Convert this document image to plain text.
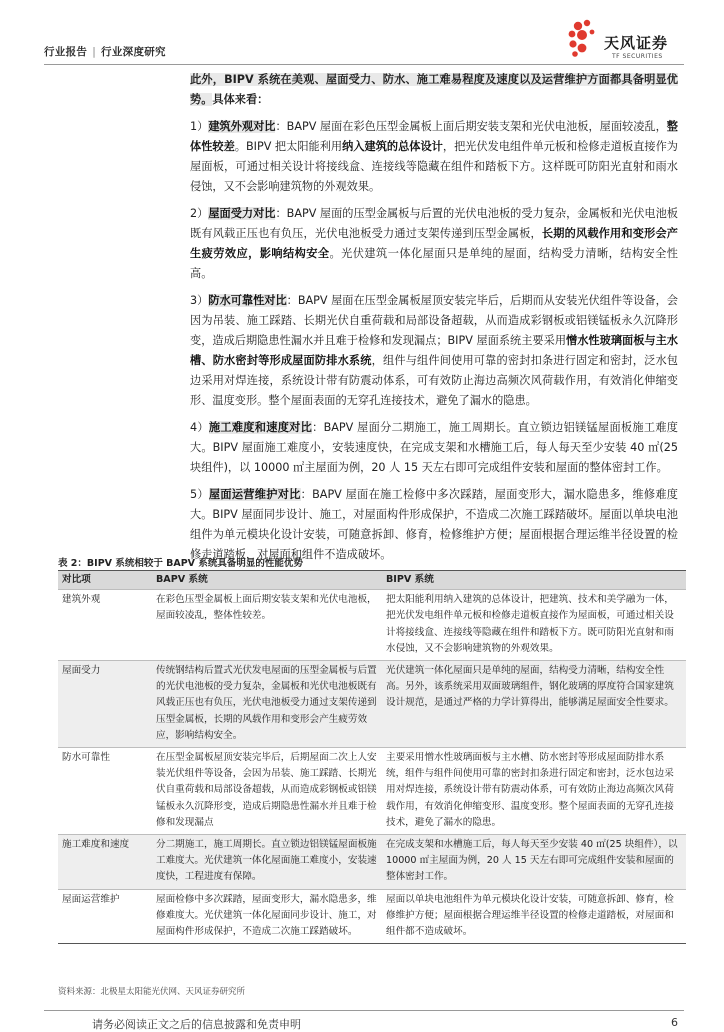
行业报告 | 行业深度研究	天风证券
TF SECURITIES

此外，BIPV 系统在美观、屋面受力、防水、施工难易程度及速度以及运营维护方面都具备明显优势。具体来看：

1）建筑外观对比：BAPV 屋面在彩色压型金属板上面后期安装支架和光伏电池板，屋面较凌乱，整体性较差。BIPV 把太阳能利用纳入建筑的总体设计，把光伏发电组件单元板和检修走道板直接作为屋面板，可通过相关设计将接线盒、连接线等隐藏在组件和踏板下方。这样既可防阳光直射和雨水侵蚀，又不会影响建筑物的外观效果。

2）屋面受力对比：BAPV 屋面的压型金属板与后置的光伏电池板的受力复杂，金属板和光伏电池板既有风载正压也有负压，光伏电池板受力通过支架传递到压型金属板，长期的风载作用和变形会产生疲劳效应，影响结构安全。光伏建筑一体化屋面只是单纯的屋面，结构受力清晰，结构安全性高。

3）防水可靠性对比：BAPV 屋面在压型金属板屋顶安装完毕后，后期而从安装光伏组件等设备，会因为吊装、施工踩踏、长期光伏自重荷载和局部设备超载，从而造成彩钢板或铝镁锰板永久沉降形变，造成后期隐患性漏水并且难于检修和发现漏点；BIPV 屋面系统主要采用憎水性玻璃面板与主水槽、防水密封等形成屋面防排水系统，组件与组件间使用可靠的密封扣条进行固定和密封，泛水包边采用对焊连接，系统设计带有防震动体系，可有效防止海边高频次风荷载作用，有效消化伸缩变形、温度变形。整个屋面表面的无穿孔连接技术，避免了漏水的隐患。

4）施工难度和速度对比：BAPV 屋面分二期施工，施工周期长。直立锁边铝镁锰屋面板施工难度大。BIPV 屋面施工难度小，安装速度快，在完成支架和水槽施工后，每人每天至少安装 40 ㎡(25 块组件)，以 10000 ㎡主屋面为例，20 人 15 天左右即可完成组件安装和屋面的整体密封工作。

5）屋面运营维护对比：BAPV 屋面在施工检修中多次踩踏，屋面变形大，漏水隐患多，维修难度大。BIPV 屋面同步设计、施工，对屋面构件形成保护，不造成二次施工踩踏破坏。屋面以单块电池组件为单元模块化设计安装，可随意拆卸、修育，检修维护方便；屋面根据合理运维半径设置的检修走道踏板，对屋面和组件不造成破坏。

表 2：BIPV 系统相较于 BAPV 系统具备明显的性能优势
对比项	BAPV 系统	BIPV 系统
建筑外观	在彩色压型金属板上面后期安装支架和光伏电池板，屋面较凌乱，整体性较差。	把太阳能利用纳入建筑的总体设计，把建筑、技术和美学融为一体，把光伏发电组件单元板和检修走道板直接作为屋面板，可通过相关设计将接线盒、连接线等隐藏在组件和踏板下方。既可防阳光直射和雨水侵蚀，又不会影响建筑物的外观效果。
屋面受力	传统钢结构后置式光伏发电屋面的压型金属板与后置的光伏电池板的受力复杂，金属板和光伏电池板既有风载正压也有负压，光伏电池板受力通过支架传递到压型金属板，长期的风载作用和变形会产生疲劳效应，影响结构安全。	光伏建筑一体化屋面只是单纯的屋面，结构受力清晰，结构安全性高。另外，该系统采用双面玻璃组件，钢化玻璃的厚度符合国家建筑设计规范，是通过严格的力学计算得出，能够满足屋面安全性要求。
防水可靠性	在压型金属板屋顶安装完毕后，后期屋面二次上人安装光伏组件等设备，会因为吊装、施工踩踏、长期光伏自重荷载和局部设备超载，从而造成彩钢板或铝镁锰板永久沉降形变，造成后期隐患性漏水并且难于检修和发现漏点	主要采用憎水性玻璃面板与主水槽、防水密封等形成屋面防排水系统，组件与组件间使用可靠的密封扣条进行固定和密封，泛水包边采用对焊连接，系统设计带有防震动体系，可有效防止海边高频次风荷载作用，有效消化伸缩变形、温度变形。整个屋面表面的无穿孔连接技术，避免了漏水的隐患。
施工难度和速度	分二期施工，施工周期长。直立锁边铝镁锰屋面板施工难度大。光伏建筑一体化屋面施工难度小，安装速度快，工程进度有保障。	在完成支架和水槽施工后，每人每天至少安装 40 ㎡(25 块组件），以 10000 ㎡主屋面为例，20 人 15 天左右即可完成组件安装和屋面的整体密封工作。
屋面运营维护	屋面检修中多次踩踏，屋面变形大，漏水隐患多，维修难度大。光伏建筑一体化屋面同步设计、施工，对屋面构件形成保护，不造成二次施工踩踏破坏。	屋面以单块电池组件为单元模块化设计安装，可随意拆卸、修育，检修维护方便；屋面根据合理运维半径设置的检修走道踏板，对屋面和组件都不造成破坏。
资料来源：北极星太阳能光伏网、天风证券研究所
请务必阅读正文之后的信息披露和免责申明	6
